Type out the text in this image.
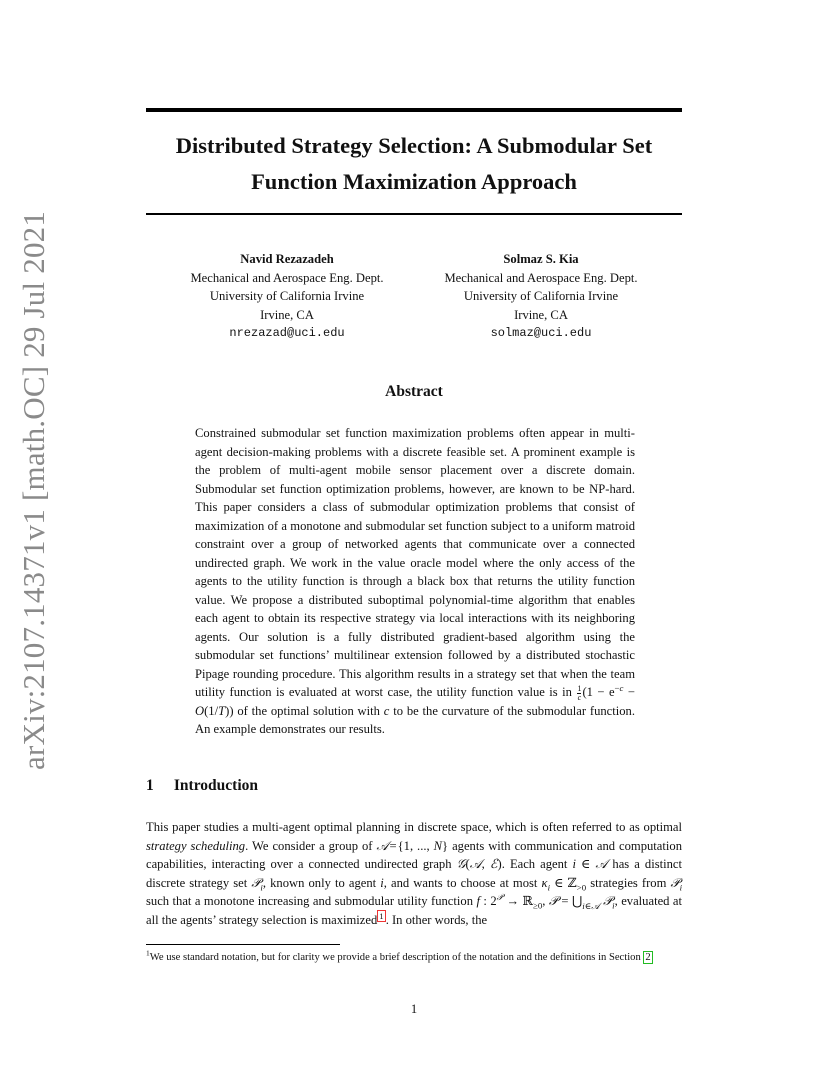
arXiv:2107.14371v1 [math.OC] 29 Jul 2021
Distributed Strategy Selection: A Submodular Set
Function Maximization Approach
Navid Rezazadeh
Mechanical and Aerospace Eng. Dept.
University of California Irvine
Irvine, CA
nrezazad@uci.edu
Solmaz S. Kia
Mechanical and Aerospace Eng. Dept.
University of California Irvine
Irvine, CA
solmaz@uci.edu
Abstract
Constrained submodular set function maximization problems often appear in multi-agent decision-making problems with a discrete feasible set. A prominent example is the problem of multi-agent mobile sensor placement over a discrete domain. Submodular set function optimization problems, however, are known to be NP-hard. This paper considers a class of submodular optimization problems that consist of maximization of a monotone and submodular set function subject to a uniform matroid constraint over a group of networked agents that communicate over a connected undirected graph. We work in the value oracle model where the only access of the agents to the utility function is through a black box that returns the utility function value. We propose a distributed suboptimal polynomial-time algorithm that enables each agent to obtain its respective strategy via local interactions with its neighboring agents. Our solution is a fully distributed gradient-based algorithm using the submodular set functions’ multilinear extension followed by a distributed stochastic Pipage rounding procedure. This algorithm results in a strategy set that when the team utility function is evaluated at worst case, the utility function value is in $\frac{1}{c} (1 - e^{-c} - O(1/T))$ of the optimal solution with c to be the curvature of the submodular function. An example demonstrates our results.
1 Introduction
This paper studies a multi-agent optimal planning in discrete space, which is often referred to as optimal strategy scheduling. We consider a group of 𝒜 = {1, ..., N} agents with communication and computation capabilities, interacting over a connected undirected graph 𝒢(𝒜, ℰ). Each agent i ∈ 𝒜 has a distinct discrete strategy set 𝒫$_i$, known only to agent i, and wants to choose at most $\kappa_i$ ∈ ℤ$_{>0}$ strategies from 𝒫$_i$ such that a monotone increasing and submodular utility function f : $2^𝒫$ → ℝ$_{\ge 0}$, 𝒫 = $⋃_{i\in 𝒜}$ 𝒫$_i$, evaluated at all the agents’ strategy selection is maximized $^1$ . In other words, the
$^1$We use standard notation, but for clarity we provide a brief description of the notation and the definitions in Section 2
1
